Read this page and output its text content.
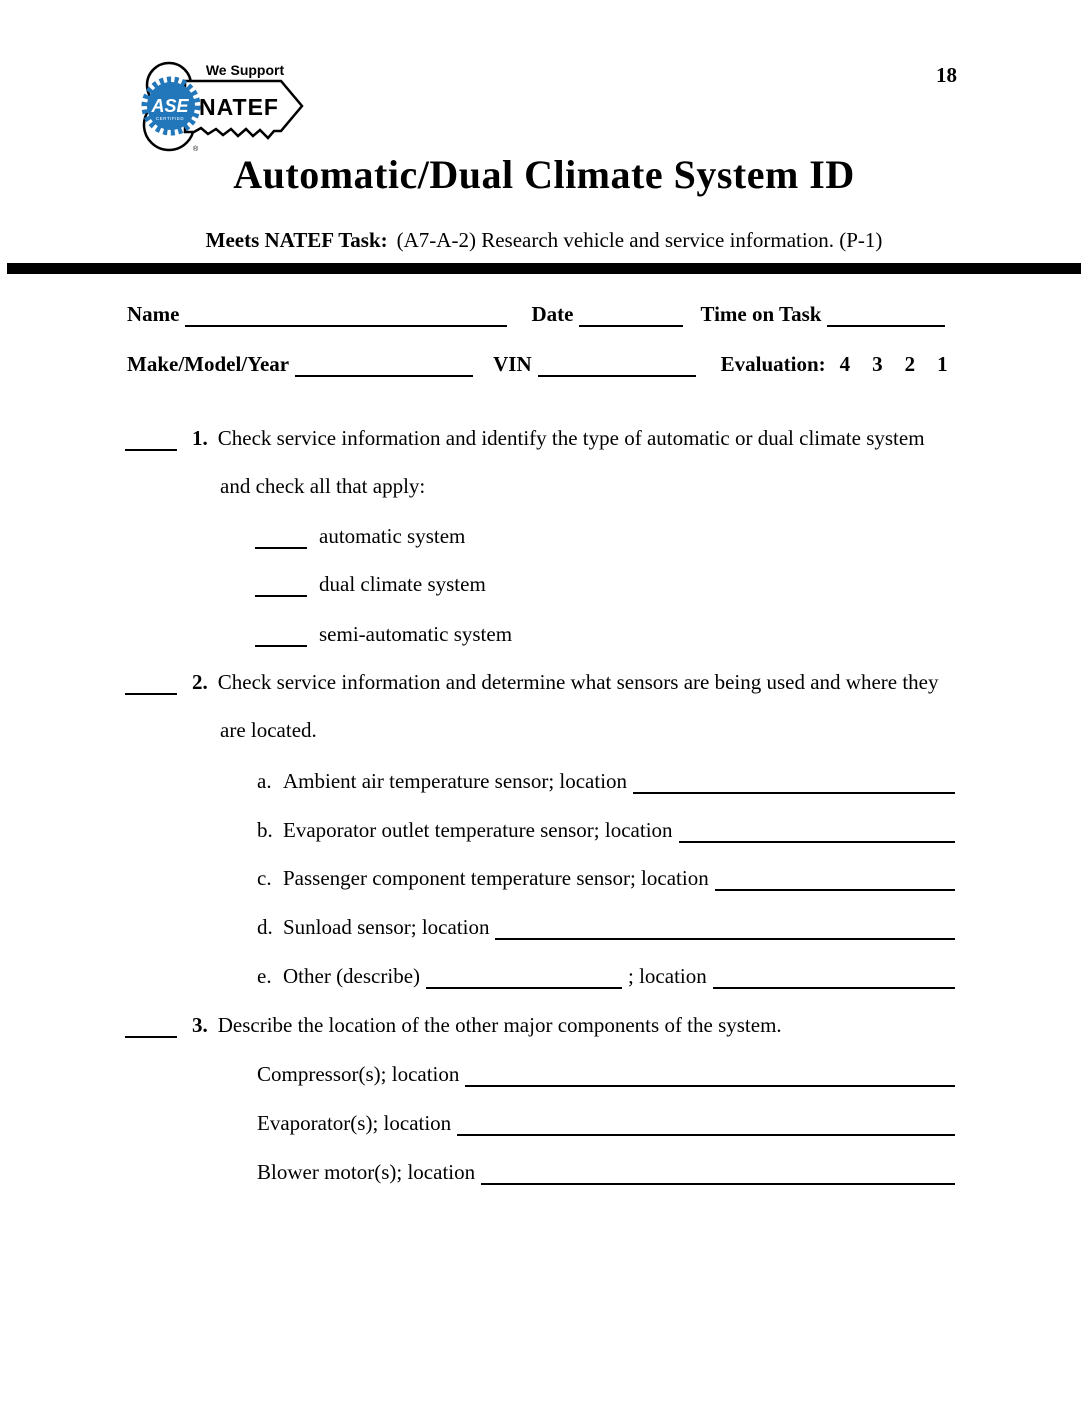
18
ASE
CERTIFIED
We Support
NATEF
®
Automatic/Dual Climate System ID
Meets NATEF Task: (A7-A-2) Research vehicle and service information. (P-1)
Name	Date	Time on Task
Make/Model/Year	VIN	Evaluation: 4 3 2 1
1. Check service information and identify the type of automatic or dual climate system
and check all that apply:
automatic system
dual climate system
semi-automatic system
2. Check service information and determine what sensors are being used and where they
are located.
a. Ambient air temperature sensor; location
b. Evaporator outlet temperature sensor; location
c. Passenger component temperature sensor; location
d. Sunload sensor; location
e. Other (describe)	; location
3. Describe the location of the other major components of the system.
Compressor(s); location
Evaporator(s); location
Blower motor(s); location
